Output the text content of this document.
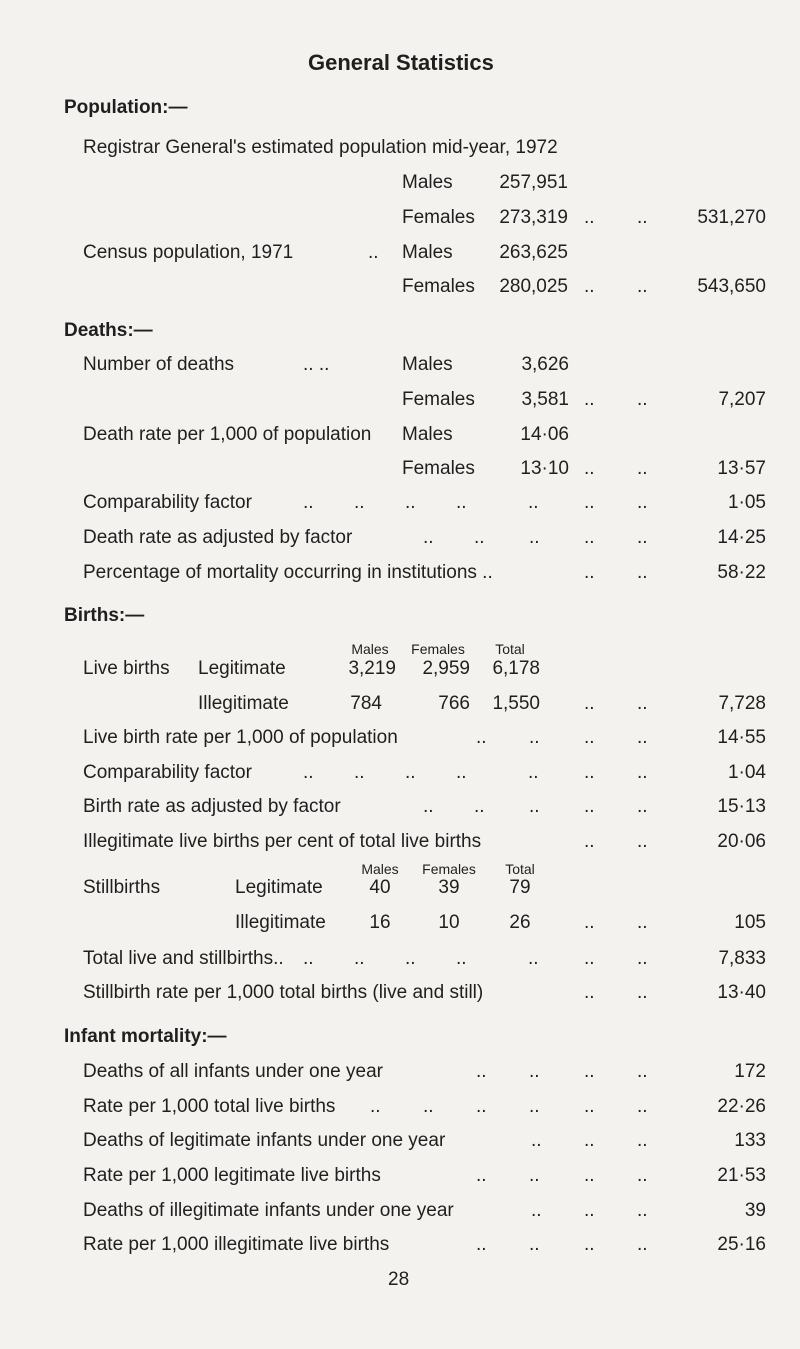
General Statistics
Population:—
Registrar General's estimated population mid-year, 1972
Males	257,951
Females	273,319 .. ..	531,270
Census population, 1971	.. Males	263,625
Females	280,025 .. ..	543,650
Deaths:—
Number of deaths	.. ..	Males	3,626
Females	3,581 .. ..	7,207
Death rate per 1,000 of population Males	14·06
Females	13·10 .. ..	13·57
Comparability factor	.. .. .. ..	.. .. ..	1·05
Death rate as adjusted by factor	.. .. .. .. ..	14·25
Percentage of mortality occurring in institutions ..	.. ..	58·22
Births:—
Males	Females	Total
Live births Legitimate	3,219	2,959	6,178
Illegitimate	784	766	1,550 .. ..	7,728
Live birth rate per 1,000 of population	.. .. .. ..	14·55
Comparability factor	.. .. .. ..	.. .. ..	1·04
Birth rate as adjusted by factor	.. .. .. .. ..	15·13
Illegitimate live births per cent of total live births	.. ..	20·06
Males	Females	Total
Stillbirths	Legitimate	40	39	79
Illegitimate	16	10	26	.. ..	105
Total live and stillbirths.. .. .. .. ..	.. .. ..	7,833
Stillbirth rate per 1,000 total births (live and still)	.. ..	13·40
Infant mortality:—
Deaths of all infants under one year	.. .. .. ..	172
Rate per 1,000 total live births .. .. .. .. .. ..	22·26
Deaths of legitimate infants under one year	.. .. ..	133
Rate per 1,000 legitimate live births	.. .. .. ..	21·53
Deaths of illegitimate infants under one year	.. .. ..	39
Rate per 1,000 illegitimate live births	.. .. .. ..	25·16
28
